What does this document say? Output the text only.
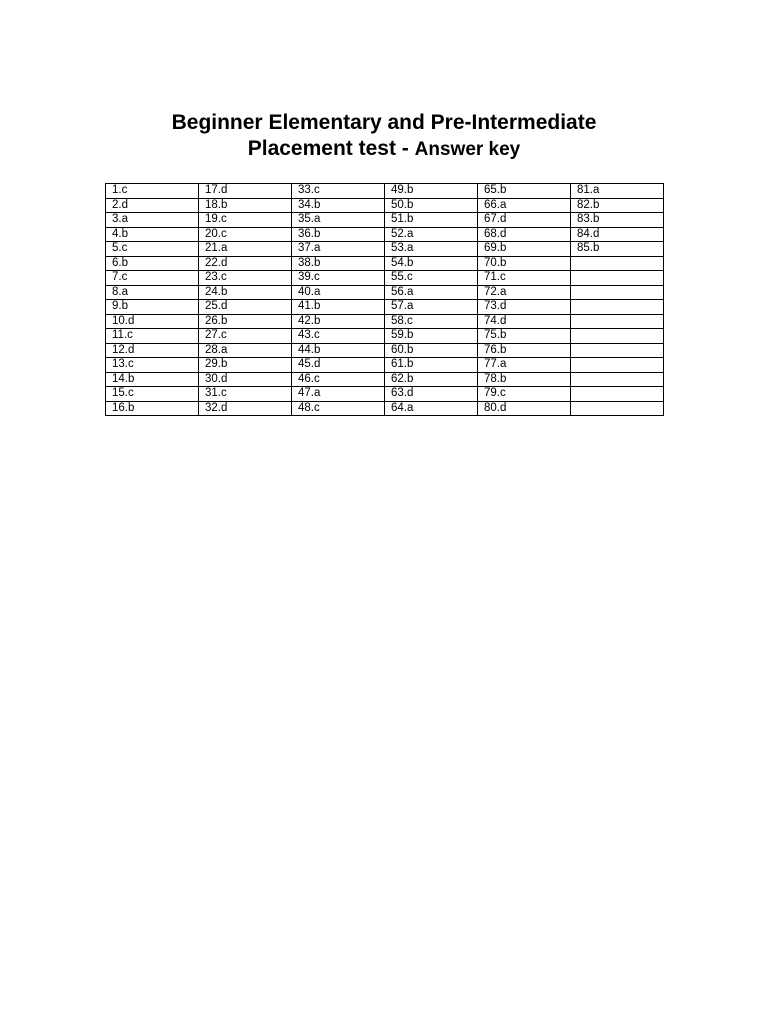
Beginner Elementary and Pre-Intermediate
Placement test - Answer key
1.c	17.d	33.c	49.b	65.b	81.a
2.d	18.b	34.b	50.b	66.a	82.b
3.a	19.c	35.a	51.b	67.d	83.b
4.b	20.c	36.b	52.a	68.d	84.d
5.c	21.a	37.a	53.a	69.b	85.b
6.b	22.d	38.b	54.b	70.b	
7.c	23.c	39.c	55.c	71.c	
8.a	24.b	40.a	56.a	72.a	
9.b	25.d	41.b	57.a	73.d	
10.d	26.b	42.b	58.c	74.d	
11.c	27.c	43.c	59.b	75.b	
12.d	28.a	44.b	60.b	76.b	
13.c	29.b	45.d	61.b	77.a	
14.b	30.d	46.c	62.b	78.b	
15.c	31.c	47.a	63.d	79.c	
16.b	32.d	48.c	64.a	80.d	
